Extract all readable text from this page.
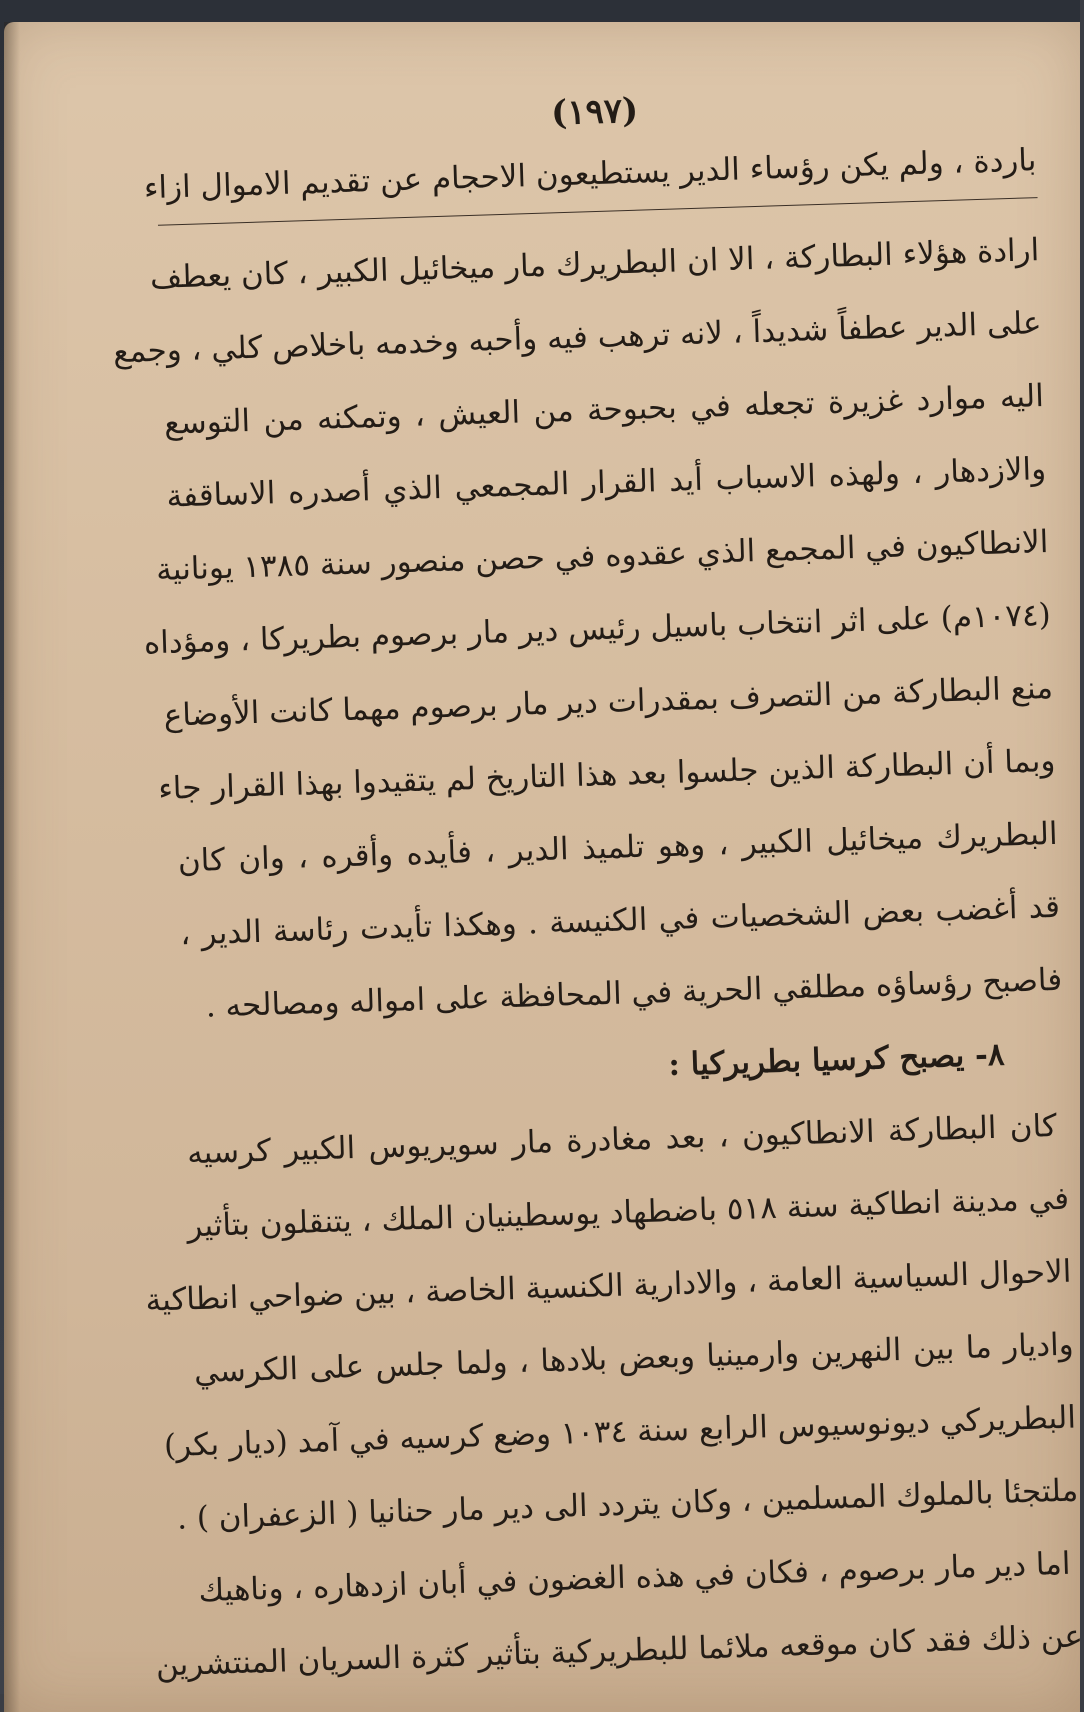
(١٩٧)
باردة ، ولم يكن رؤساء الدير يستطيعون الاحجام عن تقديم الاموال ازاء
ارادة هؤلاء البطاركة ، الا ان البطريرك مار ميخائيل الكبير ، كان يعطف
على الدير عطفاً شديداً ، لانه ترهب فيه وأحبه وخدمه باخلاص كلي ، وجمع
اليه موارد غزيرة تجعله في بحبوحة من العيش ، وتمكنه من التوسع
والازدهار ، ولهذه الاسباب أيد القرار المجمعي الذي أصدره الاساقفة
الانطاكيون في المجمع الذي عقدوه في حصن منصور سنة ١٣٨٥ يونانية
(١٠٧٤م) على اثر انتخاب باسيل رئيس دير مار برصوم بطريركا ، ومؤداه
منع البطاركة من التصرف بمقدرات دير مار برصوم مهما كانت الأوضاع
وبما أن البطاركة الذين جلسوا بعد هذا التاريخ لم يتقيدوا بهذا القرار جاء
البطريرك ميخائيل الكبير ، وهو تلميذ الدير ، فأيده وأقره ، وان كان
قد أغضب بعض الشخصيات في الكنيسة . وهكذا تأيدت رئاسة الدير ،
فاصبح رؤساؤه مطلقي الحرية في المحافظة على امواله ومصالحه .
٨- يصبح كرسيا بطريركيا :
كان البطاركة الانطاكيون ، بعد مغادرة مار سويريوس الكبير كرسيه
في مدينة انطاكية سنة ٥١٨ باضطهاد يوسطينيان الملك ، يتنقلون بتأثير
الاحوال السياسية العامة ، والادارية الكنسية الخاصة ، بين ضواحي انطاكية
واديار ما بين النهرين وارمينيا وبعض بلادها ، ولما جلس على الكرسي
البطريركي ديونوسيوس الرابع سنة ١٠٣٤ وضع كرسيه في آمد (ديار بكر)
ملتجئا بالملوك المسلمين ، وكان يتردد الى دير مار حنانيا ( الزعفران ) .
اما دير مار برصوم ، فكان في هذه الغضون في أبان ازدهاره ، وناهيك
عن ذلك فقد كان موقعه ملائما للبطريركية بتأثير كثرة السريان المنتشرين
